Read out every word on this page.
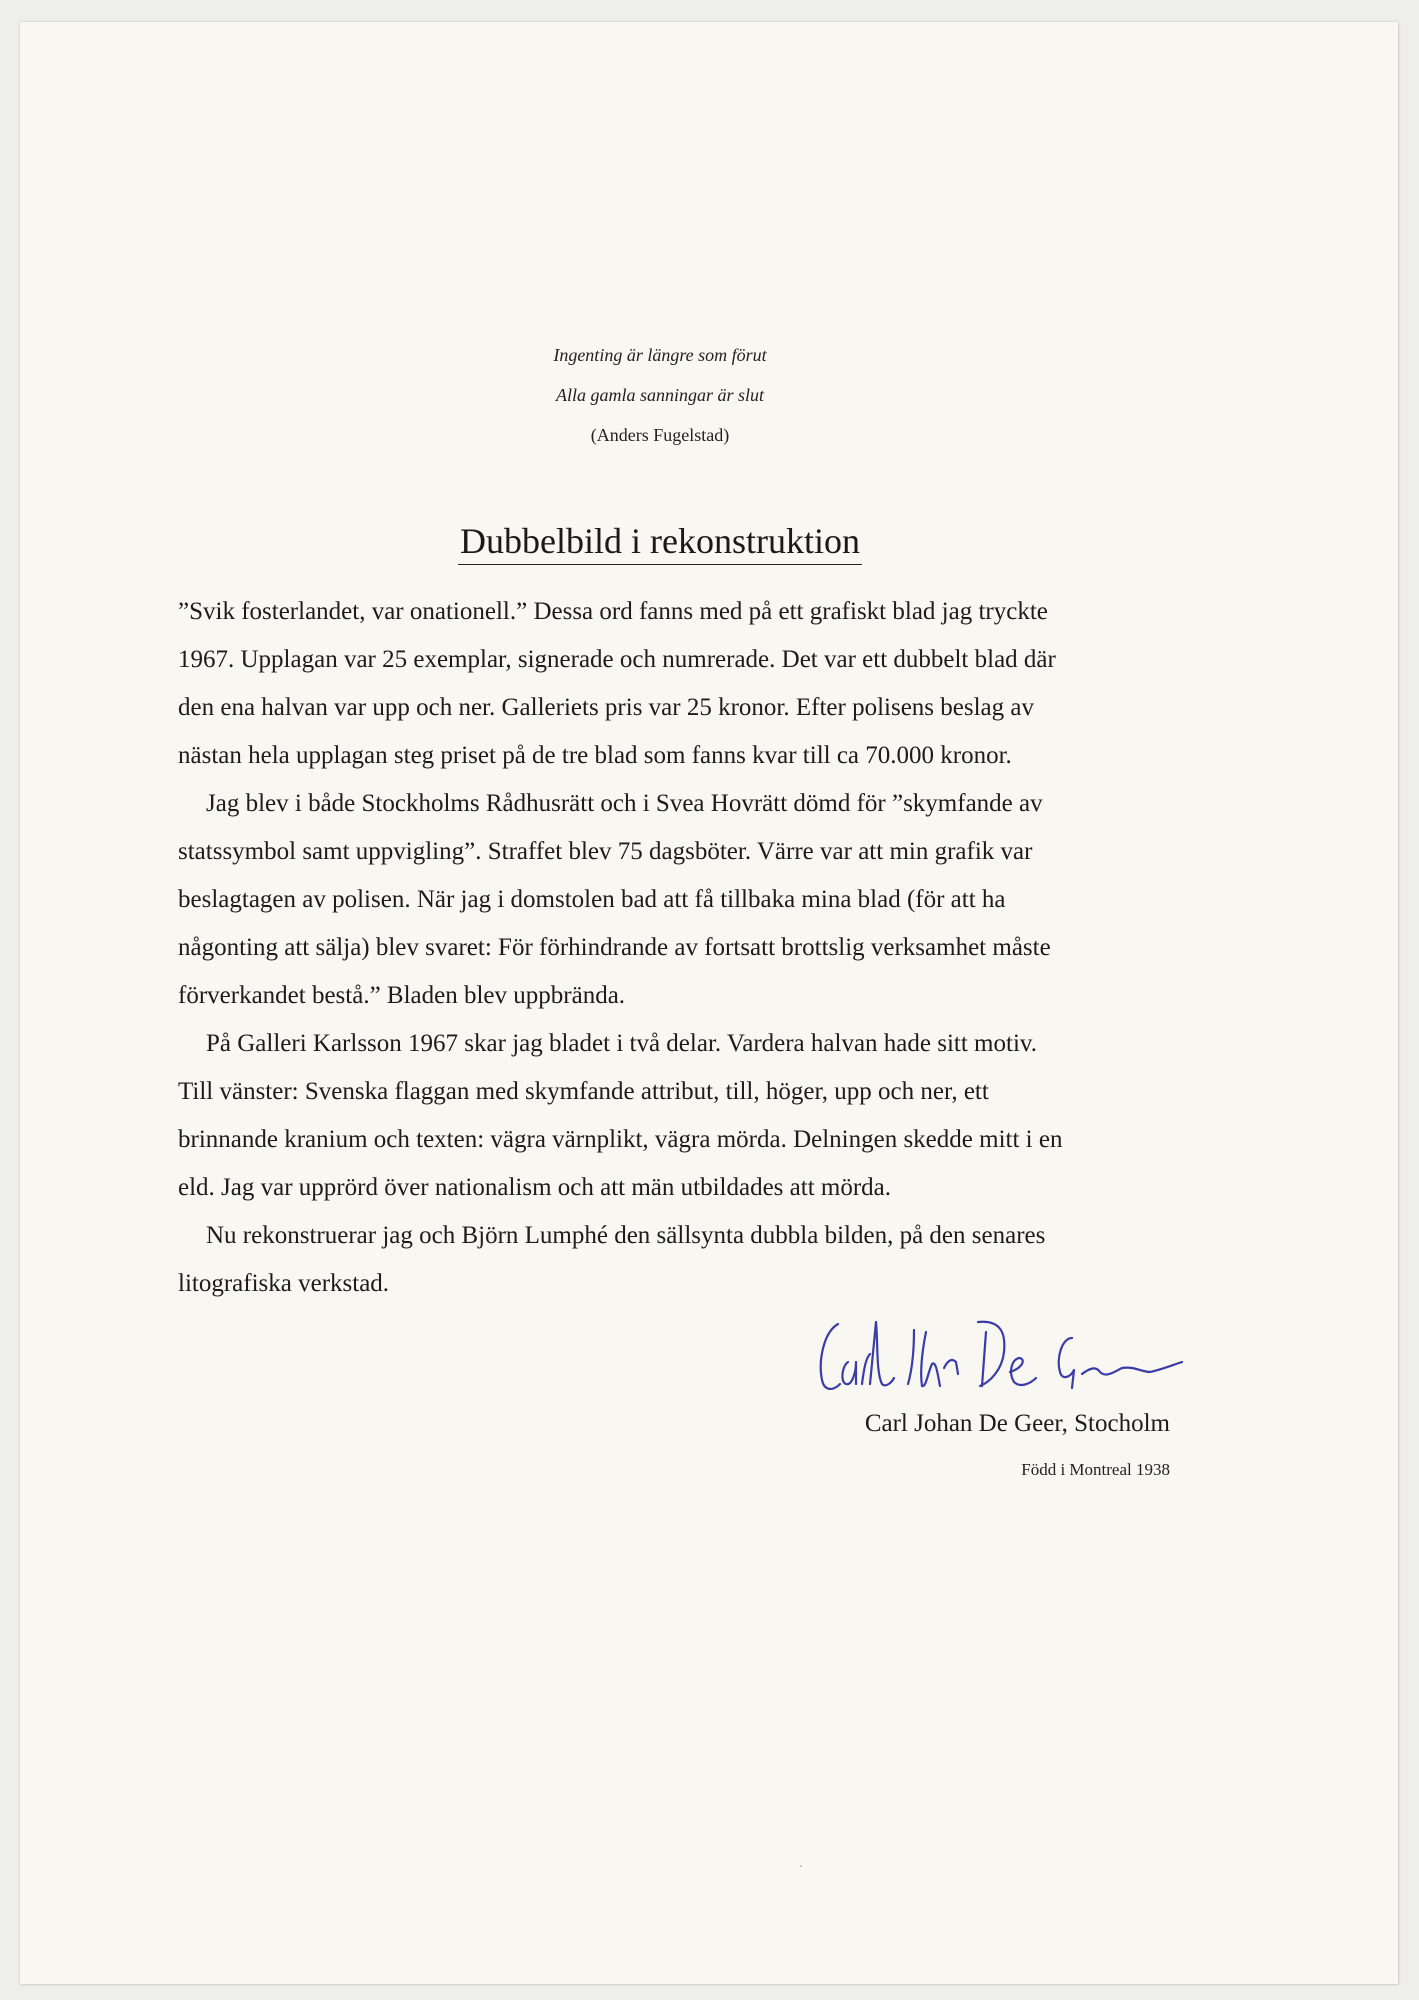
Ingenting är längre som förut
Alla gamla sanningar är slut
(Anders Fugelstad)
Dubbelbild i rekonstruktion
”Svik fosterlandet, var onationell.” Dessa ord fanns med på ett grafiskt blad jag tryckte
1967. Upplagan var 25 exemplar, signerade och numrerade. Det var ett dubbelt blad där
den ena halvan var upp och ner. Galleriets pris var 25 kronor. Efter polisens beslag av
nästan hela upplagan steg priset på de tre blad som fanns kvar till ca 70.000 kronor.
Jag blev i både Stockholms Rådhusrätt och i Svea Hovrätt dömd för ”skymfande av
statssymbol samt uppvigling”. Straffet blev 75 dagsböter. Värre var att min grafik var
beslagtagen av polisen. När jag i domstolen bad att få tillbaka mina blad (för att ha
någonting att sälja) blev svaret: För förhindrande av fortsatt brottslig verksamhet måste
förverkandet bestå.” Bladen blev uppbrända.
På Galleri Karlsson 1967 skar jag bladet i två delar. Vardera halvan hade sitt motiv.
Till vänster: Svenska flaggan med skymfande attribut, till, höger, upp och ner, ett
brinnande kranium och texten: vägra värnplikt, vägra mörda. Delningen skedde mitt i en
eld. Jag var upprörd över nationalism och att män utbildades att mörda.
Nu rekonstruerar jag och Björn Lumphé den sällsynta dubbla bilden, på den senares
litografiska verkstad.
Carl Johan De Geer, Stocholm
Född i Montreal 1938
